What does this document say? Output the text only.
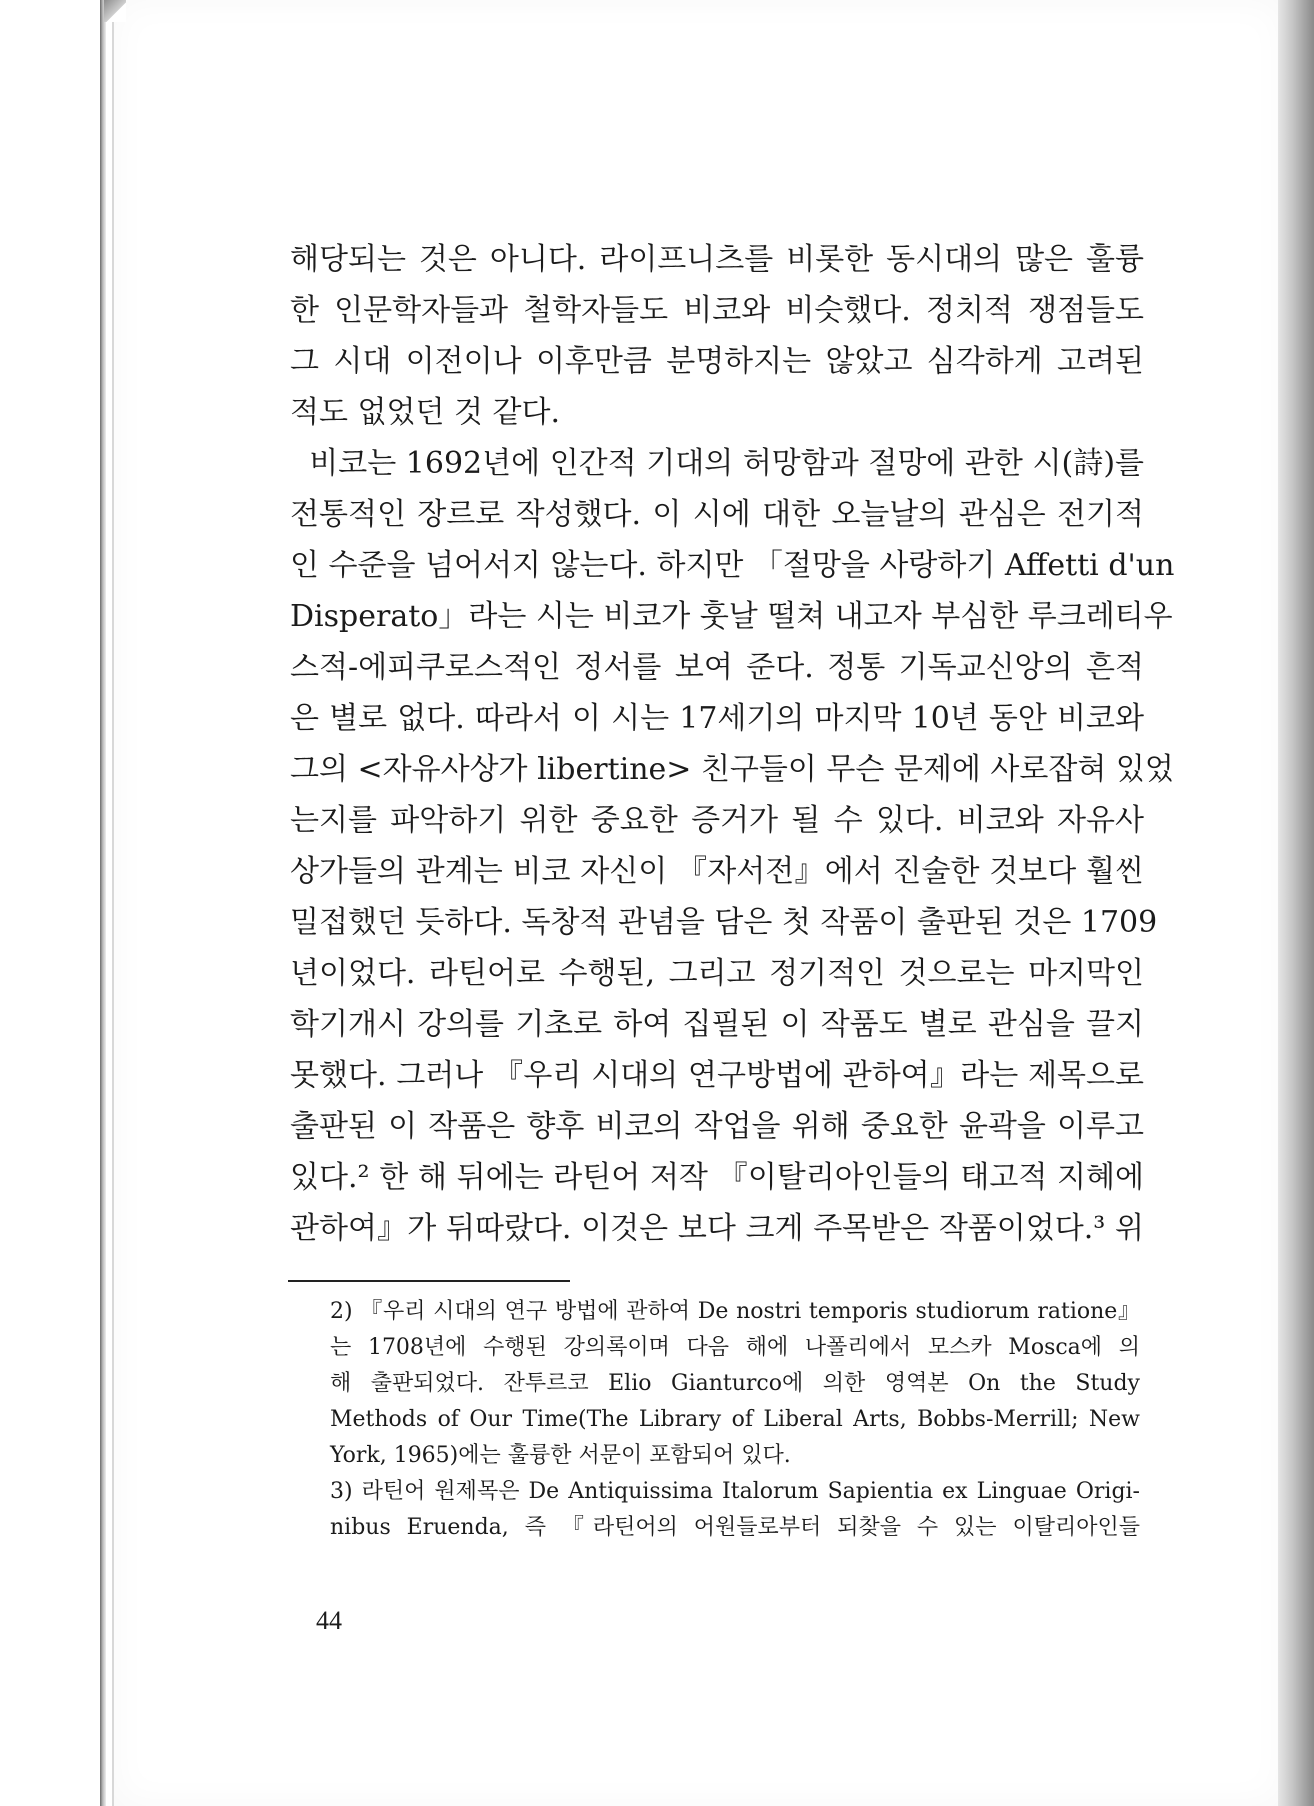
해당되는 것은 아니다. 라이프니츠를 비롯한 동시대의 많은 훌륭
한 인문학자들과 철학자들도 비코와 비슷했다. 정치적 쟁점들도
그 시대 이전이나 이후만큼 분명하지는 않았고 심각하게 고려된
적도 없었던 것 같다.
비코는 1692년에 인간적 기대의 허망함과 절망에 관한 시(詩)를
전통적인 장르로 작성했다. 이 시에 대한 오늘날의 관심은 전기적
인 수준을 넘어서지 않는다. 하지만 「절망을 사랑하기 Affetti d'un
Disperato」라는 시는 비코가 훗날 떨쳐 내고자 부심한 루크레티우
스적-에피쿠로스적인 정서를 보여 준다. 정통 기독교신앙의 흔적
은 별로 없다. 따라서 이 시는 17세기의 마지막 10년 동안 비코와
그의 <자유사상가 libertine> 친구들이 무슨 문제에 사로잡혀 있었
는지를 파악하기 위한 중요한 증거가 될 수 있다. 비코와 자유사
상가들의 관계는 비코 자신이 『자서전』에서 진술한 것보다 훨씬
밀접했던 듯하다. 독창적 관념을 담은 첫 작품이 출판된 것은 1709
년이었다. 라틴어로 수행된, 그리고 정기적인 것으로는 마지막인
학기개시 강의를 기초로 하여 집필된 이 작품도 별로 관심을 끌지
못했다. 그러나 『우리 시대의 연구방법에 관하여』라는 제목으로
출판된 이 작품은 향후 비코의 작업을 위해 중요한 윤곽을 이루고
있다.² 한 해 뒤에는 라틴어 저작 『이탈리아인들의 태고적 지혜에
관하여』가 뒤따랐다. 이것은 보다 크게 주목받은 작품이었다.³ 위
2) 『우리 시대의 연구 방법에 관하여 De nostri temporis studiorum ratione』
는 1708년에 수행된 강의록이며 다음 해에 나폴리에서 모스카 Mosca에 의
해 출판되었다. 잔투르코 Elio Gianturco에 의한 영역본 On the Study
Methods of Our Time(The Library of Liberal Arts, Bobbs-Merrill; New
York, 1965)에는 훌륭한 서문이 포함되어 있다.
3) 라틴어 원제목은 De Antiquissima Italorum Sapientia ex Linguae Origi-
nibus Eruenda, 즉 『라틴어의 어원들로부터 되찾을 수 있는 이탈리아인들
44
